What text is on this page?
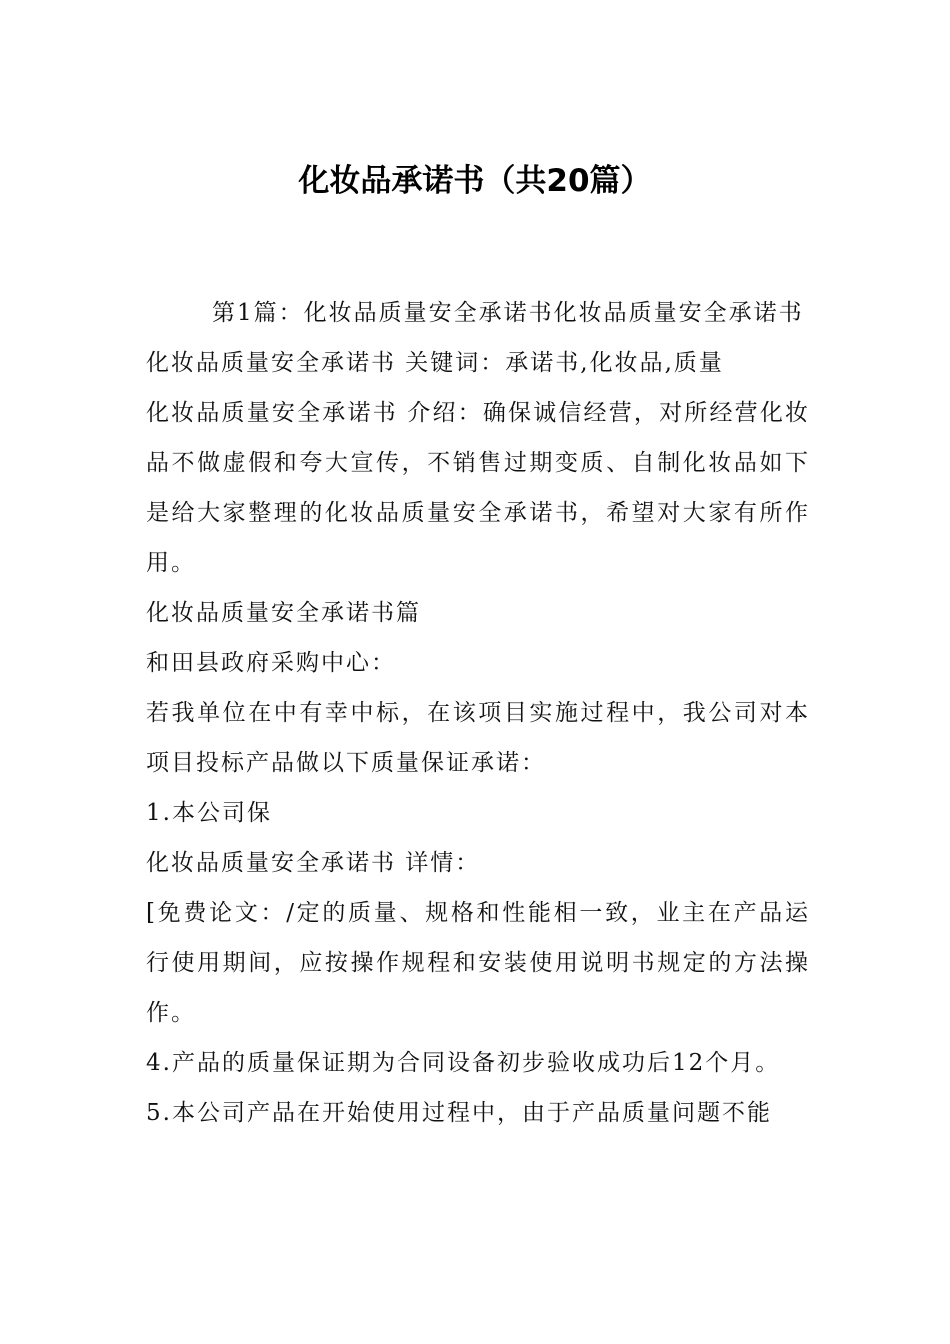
化妆品承诺书（共20篇）

第1篇：化妆品质量安全承诺书化妆品质量安全承诺书

化妆品质量安全承诺书 关键词：承诺书,化妆品,质量

化妆品质量安全承诺书 介绍：确保诚信经营，对所经营化妆品不做虚假和夸大宣传，不销售过期变质、自制化妆品如下是给大家整理的化妆品质量安全承诺书，希望对大家有所作用。

化妆品质量安全承诺书篇

和田县政府采购中心：

若我单位在中有幸中标，在该项目实施过程中，我公司对本项目投标产品做以下质量保证承诺：

1.本公司保

化妆品质量安全承诺书 详情：

[免费论文：/定的质量、规格和性能相一致，业主在产品运行使用期间，应按操作规程和安装使用说明书规定的方法操作。

4.产品的质量保证期为合同设备初步验收成功后12个月。

5.本公司产品在开始使用过程中，由于产品质量问题不能
